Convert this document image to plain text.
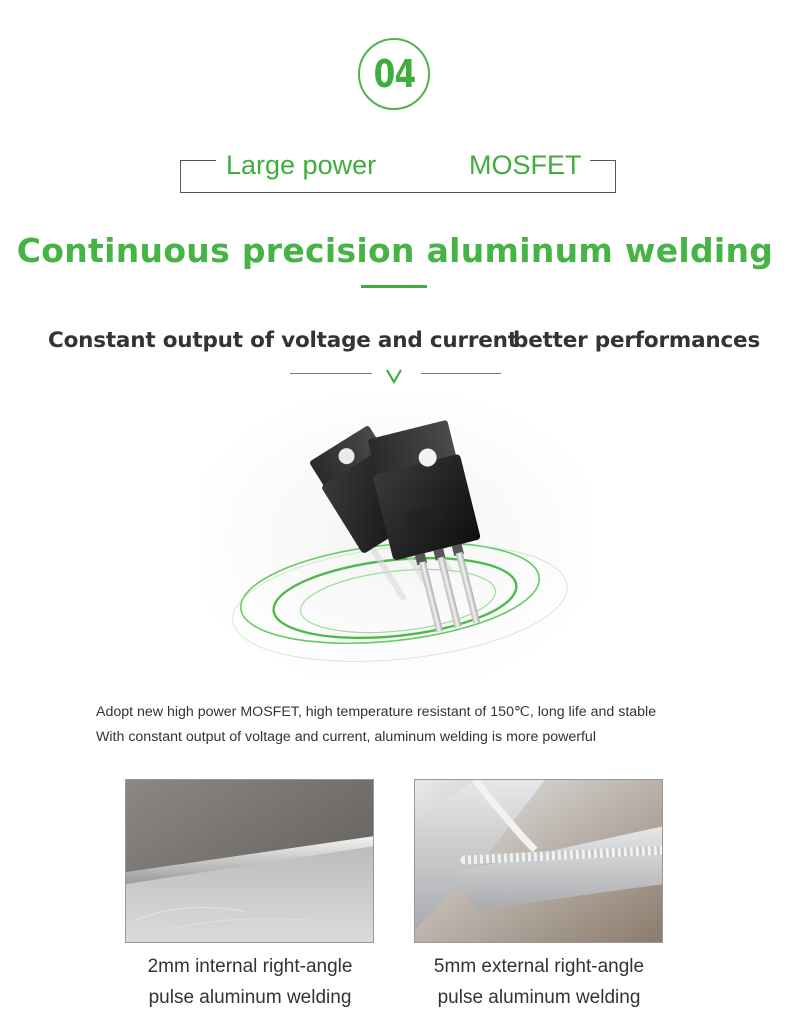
04
Large power	MOSFET
Continuous precision aluminum welding
Constant output of voltage and current
better performances
Adopt new high power MOSFET, high temperature resistant of 150℃, long life and stable
With constant output of voltage and current, aluminum welding is more powerful
2mm internal right-angle
pulse aluminum welding
5mm external right-angle
pulse aluminum welding
